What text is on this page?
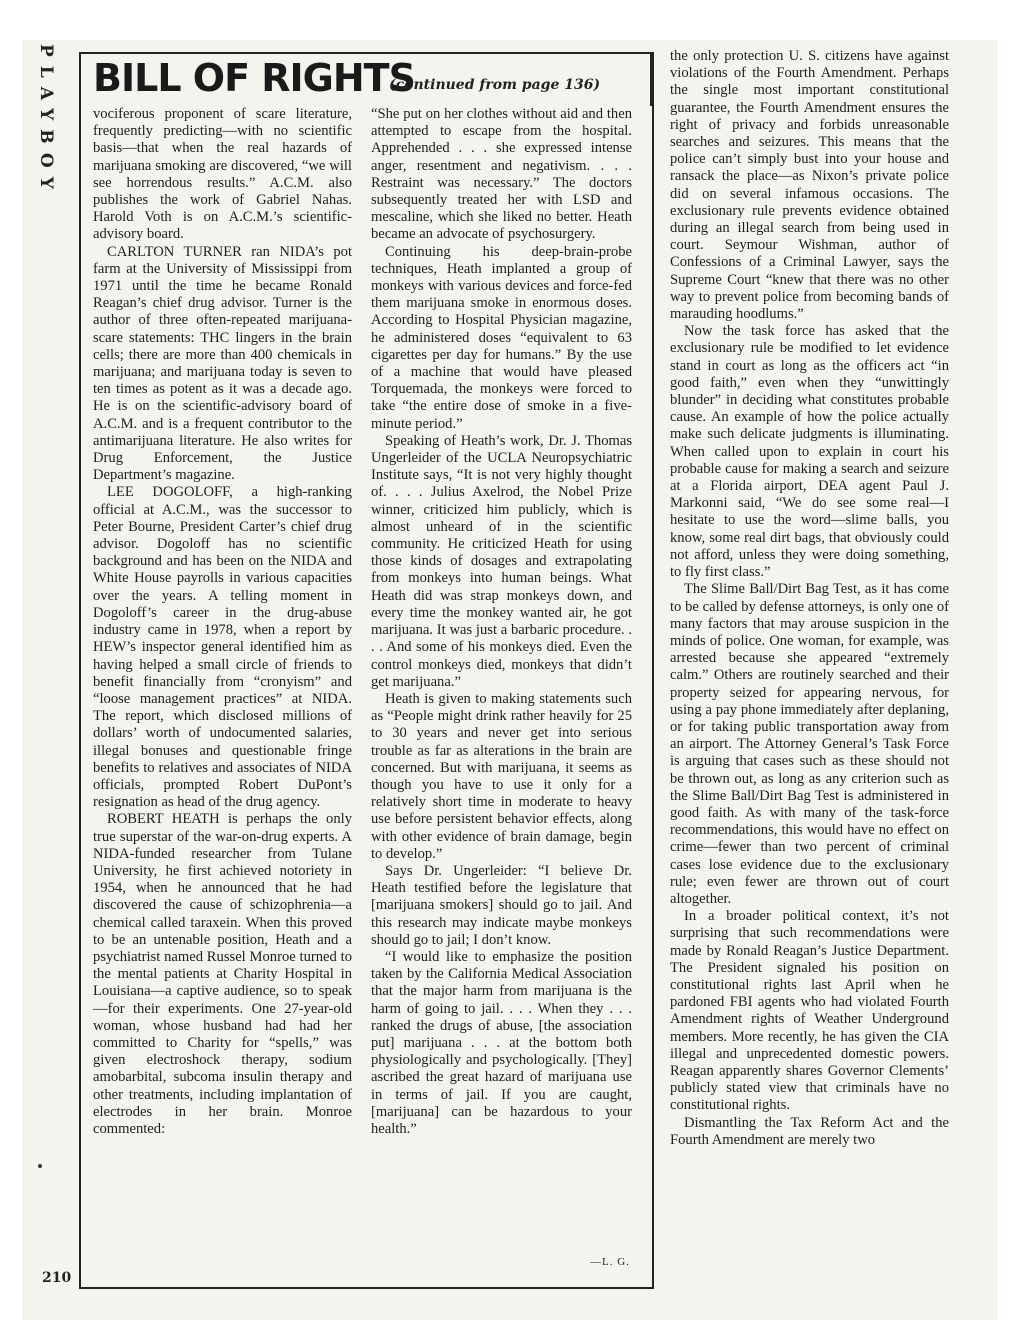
PLAYBOY BILL OF RIGHTS
(continued from page 136)

vociferous proponent of scare literature, frequently predicting—with no scientific basis—that when the real hazards of marijuana smoking are discovered, “we will see horrendous results.” A.C.M. also publishes the work of Gabriel Nahas. Harold Voth is on A.C.M.’s scientific-advisory board.

CARLTON TURNER ran NIDA’s pot farm at the University of Mississippi from 1971 until the time he became Ronald Reagan’s chief drug advisor. Turner is the author of three often-repeated marijuana-scare statements: THC lingers in the brain cells; there are more than 400 chemicals in marijuana; and marijuana today is seven to ten times as potent as it was a decade ago. He is on the scientific-advisory board of A.C.M. and is a frequent contributor to the antimarijuana literature. He also writes for Drug Enforcement, the Justice Department’s magazine.

LEE DOGOLOFF, a high-ranking official at A.C.M., was the successor to Peter Bourne, President Carter’s chief drug advisor. Dogoloff has no scientific background and has been on the NIDA and White House payrolls in various capacities over the years. A telling moment in Dogoloff’s career in the drug-abuse industry came in 1978, when a report by HEW’s inspector general identified him as having helped a small circle of friends to benefit financially from “cronyism” and “loose management practices” at NIDA. The report, which disclosed millions of dollars’ worth of undocumented salaries, illegal bonuses and questionable fringe benefits to relatives and associates of NIDA officials, prompted Robert DuPont’s resignation as head of the drug agency.

ROBERT HEATH is perhaps the only true superstar of the war-on-drug experts. A NIDA-funded researcher from Tulane University, he first achieved notoriety in 1954, when he announced that he had discovered the cause of schizophrenia—a chemical called taraxein. When this proved to be an untenable position, Heath and a psychiatrist named Russel Monroe turned to the mental patients at Charity Hospital in Louisiana—a captive audience, so to speak—for their experiments. One 27-year-old woman, whose husband had had her committed to Charity for “spells,” was given electroshock therapy, sodium amobarbital, subcoma insulin therapy and other treatments, including implantation of electrodes in her brain. Monroe commented:

“She put on her clothes without aid and then attempted to escape from the hospital. Apprehended . . . she expressed intense anger, resentment and negativism. . . . Restraint was necessary.” The doctors subsequently treated her with LSD and mescaline, which she liked no better. Heath became an advocate of psychosurgery.

Continuing his deep-brain-probe techniques, Heath implanted a group of monkeys with various devices and force-fed them marijuana smoke in enormous doses. According to Hospital Physician magazine, he administered doses “equivalent to 63 cigarettes per day for humans.” By the use of a machine that would have pleased Torquemada, the monkeys were forced to take “the entire dose of smoke in a five-minute period.”

Speaking of Heath’s work, Dr. J. Thomas Ungerleider of the UCLA Neuropsychiatric Institute says, “It is not very highly thought of. . . . Julius Axelrod, the Nobel Prize winner, criticized him publicly, which is almost unheard of in the scientific community. He criticized Heath for using those kinds of dosages and extrapolating from monkeys into human beings. What Heath did was strap monkeys down, and every time the monkey wanted air, he got marijuana. It was just a barbaric procedure. . . . And some of his monkeys died. Even the control monkeys died, monkeys that didn’t get marijuana.”

Heath is given to making statements such as “People might drink rather heavily for 25 to 30 years and never get into serious trouble as far as alterations in the brain are concerned. But with marijuana, it seems as though you have to use it only for a relatively short time in moderate to heavy use before persistent behavior effects, along with other evidence of brain damage, begin to develop.”

Says Dr. Ungerleider: “I believe Dr. Heath testified before the legislature that [marijuana smokers] should go to jail. And this research may indicate maybe monkeys should go to jail; I don’t know.

“I would like to emphasize the position taken by the California Medical Association that the major harm from marijuana is the harm of going to jail. . . . When they . . . ranked the drugs of abuse, [the association put] marijuana . . . at the bottom both physiologically and psychologically. [They] ascribed the great hazard of marijuana use in terms of jail. If you are caught, [marijuana] can be hazardous to your health.”

—L. G.

the only protection U. S. citizens have against violations of the Fourth Amendment. Perhaps the single most important constitutional guarantee, the Fourth Amendment ensures the right of privacy and forbids unreasonable searches and seizures. This means that the police can’t simply bust into your house and ransack the place—as Nixon’s private police did on several infamous occasions. The exclusionary rule prevents evidence obtained during an illegal search from being used in court. Seymour Wishman, author of Confessions of a Criminal Lawyer, says the Supreme Court “knew that there was no other way to prevent police from becoming bands of marauding hoodlums.”

Now the task force has asked that the exclusionary rule be modified to let evidence stand in court as long as the officers act “in good faith,” even when they “unwittingly blunder” in deciding what constitutes probable cause. An example of how the police actually make such delicate judgments is illuminating. When called upon to explain in court his probable cause for making a search and seizure at a Florida airport, DEA agent Paul J. Markonni said, “We do see some real—I hesitate to use the word—slime balls, you know, some real dirt bags, that obviously could not afford, unless they were doing something, to fly first class.”

The Slime Ball/Dirt Bag Test, as it has come to be called by defense attorneys, is only one of many factors that may arouse suspicion in the minds of police. One woman, for example, was arrested because she appeared “extremely calm.” Others are routinely searched and their property seized for appearing nervous, for using a pay phone immediately after deplaning, or for taking public transportation away from an airport. The Attorney General’s Task Force is arguing that cases such as these should not be thrown out, as long as any criterion such as the Slime Ball/Dirt Bag Test is administered in good faith. As with many of the task-force recommendations, this would have no effect on crime—fewer than two percent of criminal cases lose evidence due to the exclusionary rule; even fewer are thrown out of court altogether.

In a broader political context, it’s not surprising that such recommendations were made by Ronald Reagan’s Justice Department. The President signaled his position on constitutional rights last April when he pardoned FBI agents who had violated Fourth Amendment rights of Weather Underground members. More recently, he has given the CIA illegal and unprecedented domestic powers. Reagan apparently shares Governor Clements’ publicly stated view that criminals have no constitutional rights.

Dismantling the Tax Reform Act and the Fourth Amendment are merely two

210
